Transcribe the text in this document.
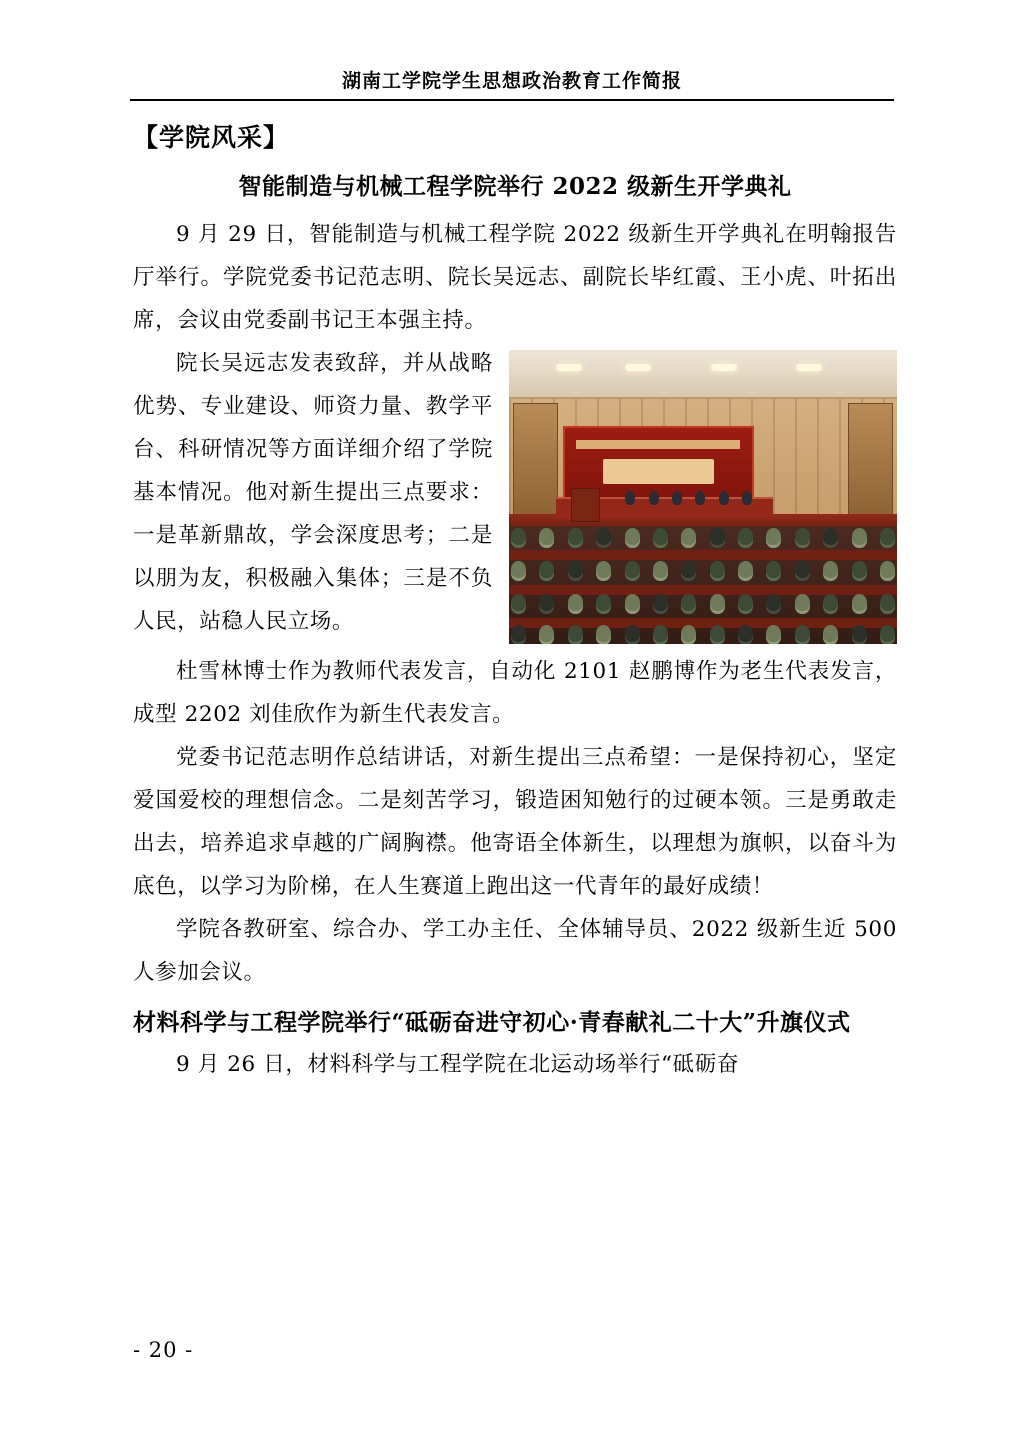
湖南工学院学生思想政治教育工作简报
【学院风采】
智能制造与机械工程学院举行 2022 级新生开学典礼

9 月 29 日，智能制造与机械工程学院 2022 级新生开学典礼在明翰报告厅举行。学院党委书记范志明、院长吴远志、副院长毕红霞、王小虎、叶拓出席，会议由党委副书记王本强主持。

院长吴远志发表致辞，并从战略优势、专业建设、师资力量、教学平台、科研情况等方面详细介绍了学院基本情况。他对新生提出三点要求：一是革新鼎故，学会深度思考；二是以朋为友，积极融入集体；三是不负人民，站稳人民立场。

杜雪林博士作为教师代表发言，自动化 2101 赵鹏博作为老生代表发言，成型 2202 刘佳欣作为新生代表发言。

党委书记范志明作总结讲话，对新生提出三点希望：一是保持初心，坚定爱国爱校的理想信念。二是刻苦学习，锻造困知勉行的过硬本领。三是勇敢走出去，培养追求卓越的广阔胸襟。他寄语全体新生，以理想为旗帜，以奋斗为底色，以学习为阶梯，在人生赛道上跑出这一代青年的最好成绩！

学院各教研室、综合办、学工办主任、全体辅导员、2022 级新生近 500 人参加会议。

材料科学与工程学院举行“砥砺奋进守初心·青春献礼二十大”升旗仪式

9 月 26 日，材料科学与工程学院在北运动场举行“砥砺奋

- 20 -
